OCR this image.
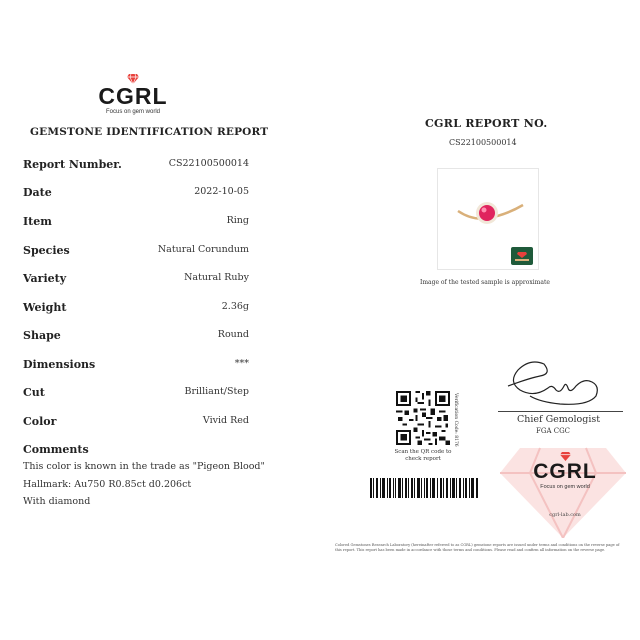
CGRL
Focus on gem world
GEMSTONE IDENTIFICATION REPORT
Report Number.	CS22100500014
Date	2022-10-05
Item	Ring
Species	Natural Corundum
Variety	Natural Ruby
Weight	2.36g
Shape	Round
Dimensions	***
Cut	Brilliant/Step
Color	Vivid Red
Comments
This color is known in the trade as "Pigeon Blood"
Hallmark: Au750 R0.85ct d0.206ct
With diamond
CGRL REPORT NO.
CS22100500014
Image of the tested sample is approximate
Chief Gemologist
FGA CGC
Verification Code: 8176
Scan the QR code to check report
CGRL
Focus on gem world
cgrl-lab.com
Colored Gemstones Research Laboratory (hereinafter referred to as CGRL) gemstone reports are issued under terms and conditions on the reverse page of this report. This report has been made in accordance with those terms and conditions. Please read and confirm all information on the reverse page.
